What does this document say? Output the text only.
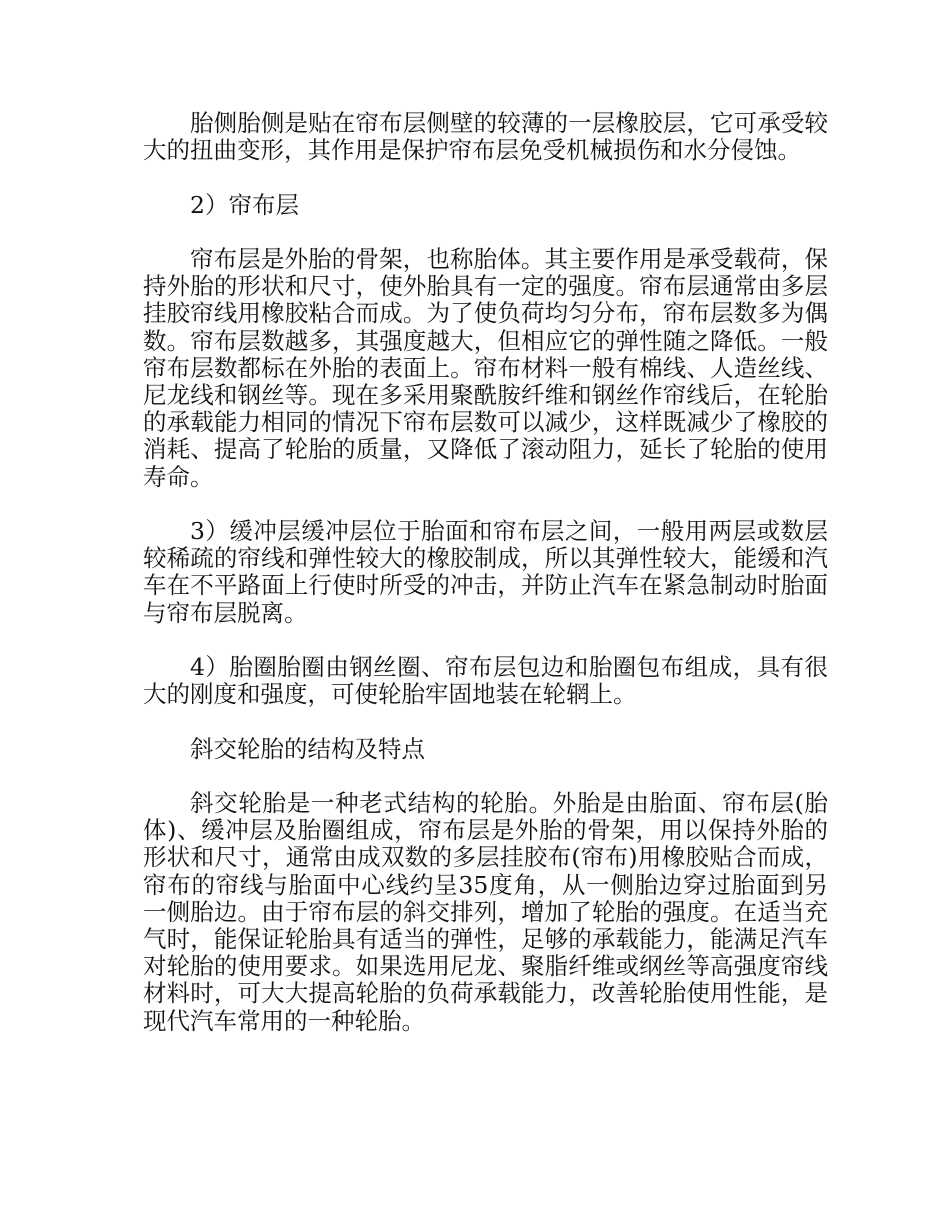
胎侧胎侧是贴在帘布层侧壁的较薄的一层橡胶层，它可承受较大的扭曲变形，其作用是保护帘布层免受机械损伤和水分侵蚀。

2）帘布层

帘布层是外胎的骨架，也称胎体。其主要作用是承受载荷，保持外胎的形状和尺寸，使外胎具有一定的强度。帘布层通常由多层挂胶帘线用橡胶粘合而成。为了使负荷均匀分布，帘布层数多为偶数。帘布层数越多，其强度越大，但相应它的弹性随之降低。一般帘布层数都标在外胎的表面上。帘布材料一般有棉线、人造丝线、尼龙线和钢丝等。现在多采用聚酰胺纤维和钢丝作帘线后，在轮胎的承载能力相同的情况下帘布层数可以减少，这样既减少了橡胶的消耗、提高了轮胎的质量，又降低了滚动阻力，延长了轮胎的使用寿命。

3）缓冲层缓冲层位于胎面和帘布层之间，一般用两层或数层较稀疏的帘线和弹性较大的橡胶制成，所以其弹性较大，能缓和汽车在不平路面上行使时所受的冲击，并防止汽车在紧急制动时胎面与帘布层脱离。

4）胎圈胎圈由钢丝圈、帘布层包边和胎圈包布组成，具有很大的刚度和强度，可使轮胎牢固地装在轮辋上。

斜交轮胎的结构及特点

斜交轮胎是一种老式结构的轮胎。外胎是由胎面、帘布层(胎体)、缓冲层及胎圈组成，帘布层是外胎的骨架，用以保持外胎的形状和尺寸，通常由成双数的多层挂胶布(帘布)用橡胶贴合而成，帘布的帘线与胎面中心线约呈35度角，从一侧胎边穿过胎面到另一侧胎边。由于帘布层的斜交排列，增加了轮胎的强度。在适当充气时，能保证轮胎具有适当的弹性，足够的承载能力，能满足汽车对轮胎的使用要求。如果选用尼龙、聚脂纤维或纲丝等高强度帘线材料时，可大大提高轮胎的负荷承载能力，改善轮胎使用性能，是现代汽车常用的一种轮胎。
